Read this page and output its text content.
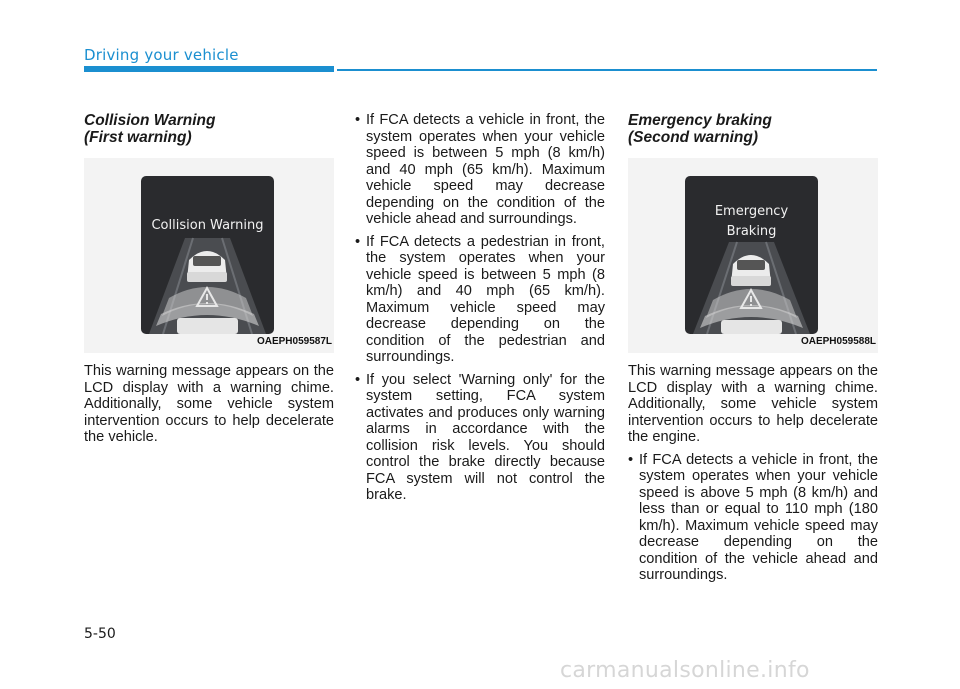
Driving your vehicle
Collision Warning
(First warning)
Collision Warning
OAEPH059587L

This warning message appears on the LCD display with a warning chime. Additionally, some vehicle system intervention occurs to help decelerate the vehicle.

• If FCA detects a vehicle in front, the system operates when your vehicle speed is between 5 mph (8 km/h) and 40 mph (65 km/h). Maximum vehicle speed may decrease depending on the condition of the vehicle ahead and surroundings.
• If FCA detects a pedestrian in front, the system operates when your vehicle speed is between 5 mph (8 km/h) and 40 mph (65 km/h). Maximum vehicle speed may decrease depending on the condition of the pedestrian and surroundings.
• If you select 'Warning only' for the system setting, FCA system activates and produces only warning alarms in accordance with the collision risk levels. You should control the brake directly because FCA system will not control the brake.
Emergency braking
(Second warning)
Emergency
Braking
OAEPH059588L

This warning message appears on the LCD display with a warning chime. Additionally, some vehicle system intervention occurs to help decelerate the engine.

• If FCA detects a vehicle in front, the system operates when your vehicle speed is above 5 mph (8 km/h) and less than or equal to 110 mph (180 km/h). Maximum vehicle speed may decrease depending on the condition of the vehicle ahead and surroundings.
5-50
carmanualsonline.info
